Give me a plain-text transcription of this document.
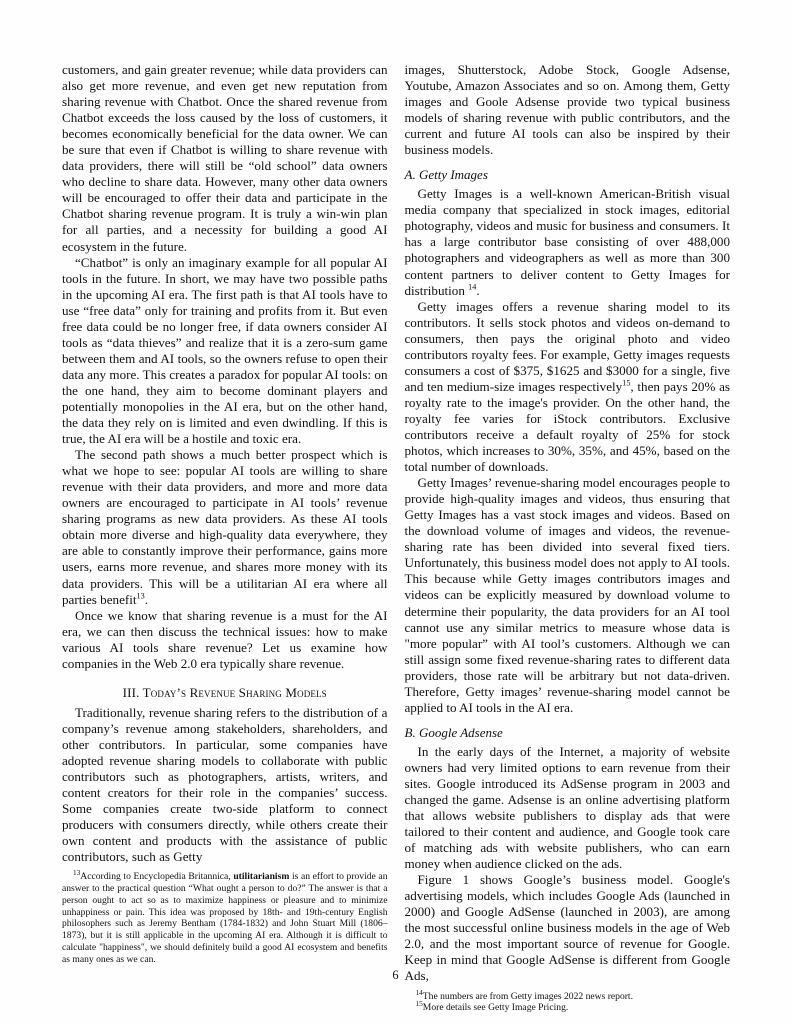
customers, and gain greater revenue; while data providers can also get more revenue, and even get new reputation from sharing revenue with Chatbot. Once the shared revenue from Chatbot exceeds the loss caused by the loss of customers, it becomes economically beneficial for the data owner. We can be sure that even if Chatbot is willing to share revenue with data providers, there will still be “old school” data owners who decline to share data. However, many other data owners will be encouraged to offer their data and participate in the Chatbot sharing revenue program. It is truly a win-win plan for all parties, and a necessity for building a good AI ecosystem in the future.

“Chatbot” is only an imaginary example for all popular AI tools in the future. In short, we may have two possible paths in the upcoming AI era. The first path is that AI tools have to use “free data” only for training and profits from it. But even free data could be no longer free, if data owners consider AI tools as “data thieves” and realize that it is a zero-sum game between them and AI tools, so the owners refuse to open their data any more. This creates a paradox for popular AI tools: on the one hand, they aim to become dominant players and potentially monopolies in the AI era, but on the other hand, the data they rely on is limited and even dwindling. If this is true, the AI era will be a hostile and toxic era.

The second path shows a much better prospect which is what we hope to see: popular AI tools are willing to share revenue with their data providers, and more and more data owners are encouraged to participate in AI tools’ revenue sharing programs as new data providers. As these AI tools obtain more diverse and high-quality data everywhere, they are able to constantly improve their performance, gains more users, earns more revenue, and shares more money with its data providers. This will be a utilitarian AI era where all parties benefit$^{13}$.

Once we know that sharing revenue is a must for the AI era, we can then discuss the technical issues: how to make various AI tools share revenue? Let us examine how companies in the Web 2.0 era typically share revenue.

III. Today’s Revenue Sharing Models

Traditionally, revenue sharing refers to the distribution of a company’s revenue among stakeholders, shareholders, and other contributors. In particular, some companies have adopted revenue sharing models to collaborate with public contributors such as photographers, artists, writers, and content creators for their role in the companies’ success. Some companies create two-side platform to connect producers with consumers directly, while others create their own content and products with the assistance of public contributors, such as Getty

$^{13}$According to Encyclopedia Britannica, utilitarianism is an effort to provide an answer to the practical question “What ought a person to do?” The answer is that a person ought to act so as to maximize happiness or pleasure and to minimize unhappiness or pain. This idea was proposed by 18th- and 19th-century English philosophers such as Jeremy Bentham (1784-1832) and John Stuart Mill (1806–1873), but it is still applicable in the upcoming AI era. Although it is difficult to calculate "happiness", we should definitely build a good AI ecosystem and benefits as many ones as we can.

images, Shutterstock, Adobe Stock, Google Adsense, Youtube, Amazon Associates and so on. Among them, Getty images and Goole Adsense provide two typical business models of sharing revenue with public contributors, and the current and future AI tools can also be inspired by their business models.

A. Getty Images

Getty Images is a well-known American-British visual media company that specialized in stock images, editorial photography, videos and music for business and consumers. It has a large contributor base consisting of over 488,000 photographers and videographers as well as more than 300 content partners to deliver content to Getty Images for distribution $^{14}$.

Getty images offers a revenue sharing model to its contributors. It sells stock photos and videos on-demand to consumers, then pays the original photo and video contributors royalty fees. For example, Getty images requests consumers a cost of $375, $1625 and $3000 for a single, five and ten medium-size images respectively$^{15}$, then pays 20% as royalty rate to the image's provider. On the other hand, the royalty fee varies for iStock contributors. Exclusive contributors receive a default royalty of 25% for stock photos, which increases to 30%, 35%, and 45%, based on the total number of downloads.

Getty Images’ revenue-sharing model encourages people to provide high-quality images and videos, thus ensuring that Getty Images has a vast stock images and videos. Based on the download volume of images and videos, the revenue-sharing rate has been divided into several fixed tiers. Unfortunately, this business model does not apply to AI tools. This because while Getty images contributors images and videos can be explicitly measured by download volume to determine their popularity, the data providers for an AI tool cannot use any similar metrics to measure whose data is "more popular” with AI tool’s customers. Although we can still assign some fixed revenue-sharing rates to different data providers, those rate will be arbitrary but not data-driven. Therefore, Getty images’ revenue-sharing model cannot be applied to AI tools in the AI era.

B. Google Adsense

In the early days of the Internet, a majority of website owners had very limited options to earn revenue from their sites. Google introduced its AdSense program in 2003 and changed the game. Adsense is an online advertising platform that allows website publishers to display ads that were tailored to their content and audience, and Google took care of matching ads with website publishers, who can earn money when audience clicked on the ads.

Figure 1 shows Google’s business model. Google's advertising models, which includes Google Ads (launched in 2000) and Google AdSense (launched in 2003), are among the most successful online business models in the age of Web 2.0, and the most important source of revenue for Google. Keep in mind that Google AdSense is different from Google Ads,

$^{14}$The numbers are from Getty images 2022 news report.

$^{15}$More details see Getty Image Pricing.

6
